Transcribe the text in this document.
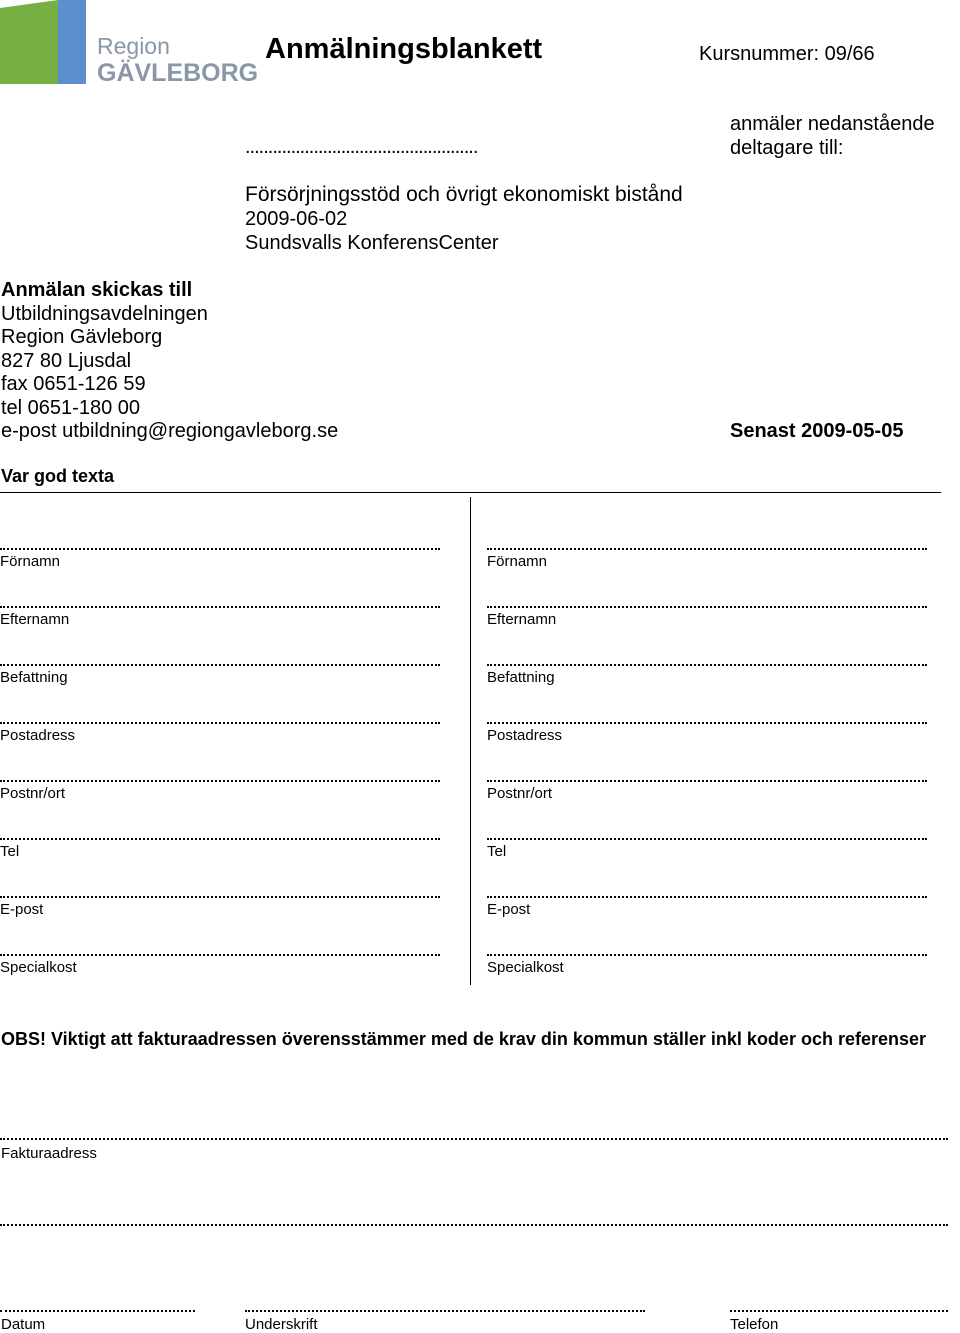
Region
GÄVLEBORG
Anmälningsblankett	Kursnummer: 09/66
...................................................
anmäler nedanstående
deltagare till:
Försörjningsstöd och övrigt ekonomiskt bistånd
2009-06-02
Sundsvalls KonferensCenter
Anmälan skickas till
Utbildningsavdelningen
Region Gävleborg
827 80 Ljusdal
fax 0651-126 59
tel 0651-180 00
e-post utbildning@regiongavleborg.se	Senast 2009-05-05
Var god texta
Förnamn
Efternamn
Befattning
Postadress
Postnr/ort
Tel
E-post
Specialkost
Förnamn
Efternamn
Befattning
Postadress
Postnr/ort
Tel
E-post
Specialkost
OBS! Viktigt att fakturaadressen överensstämmer med de krav din kommun ställer inkl koder och referenser
Fakturaadress
Datum	Underskrift	Telefon
